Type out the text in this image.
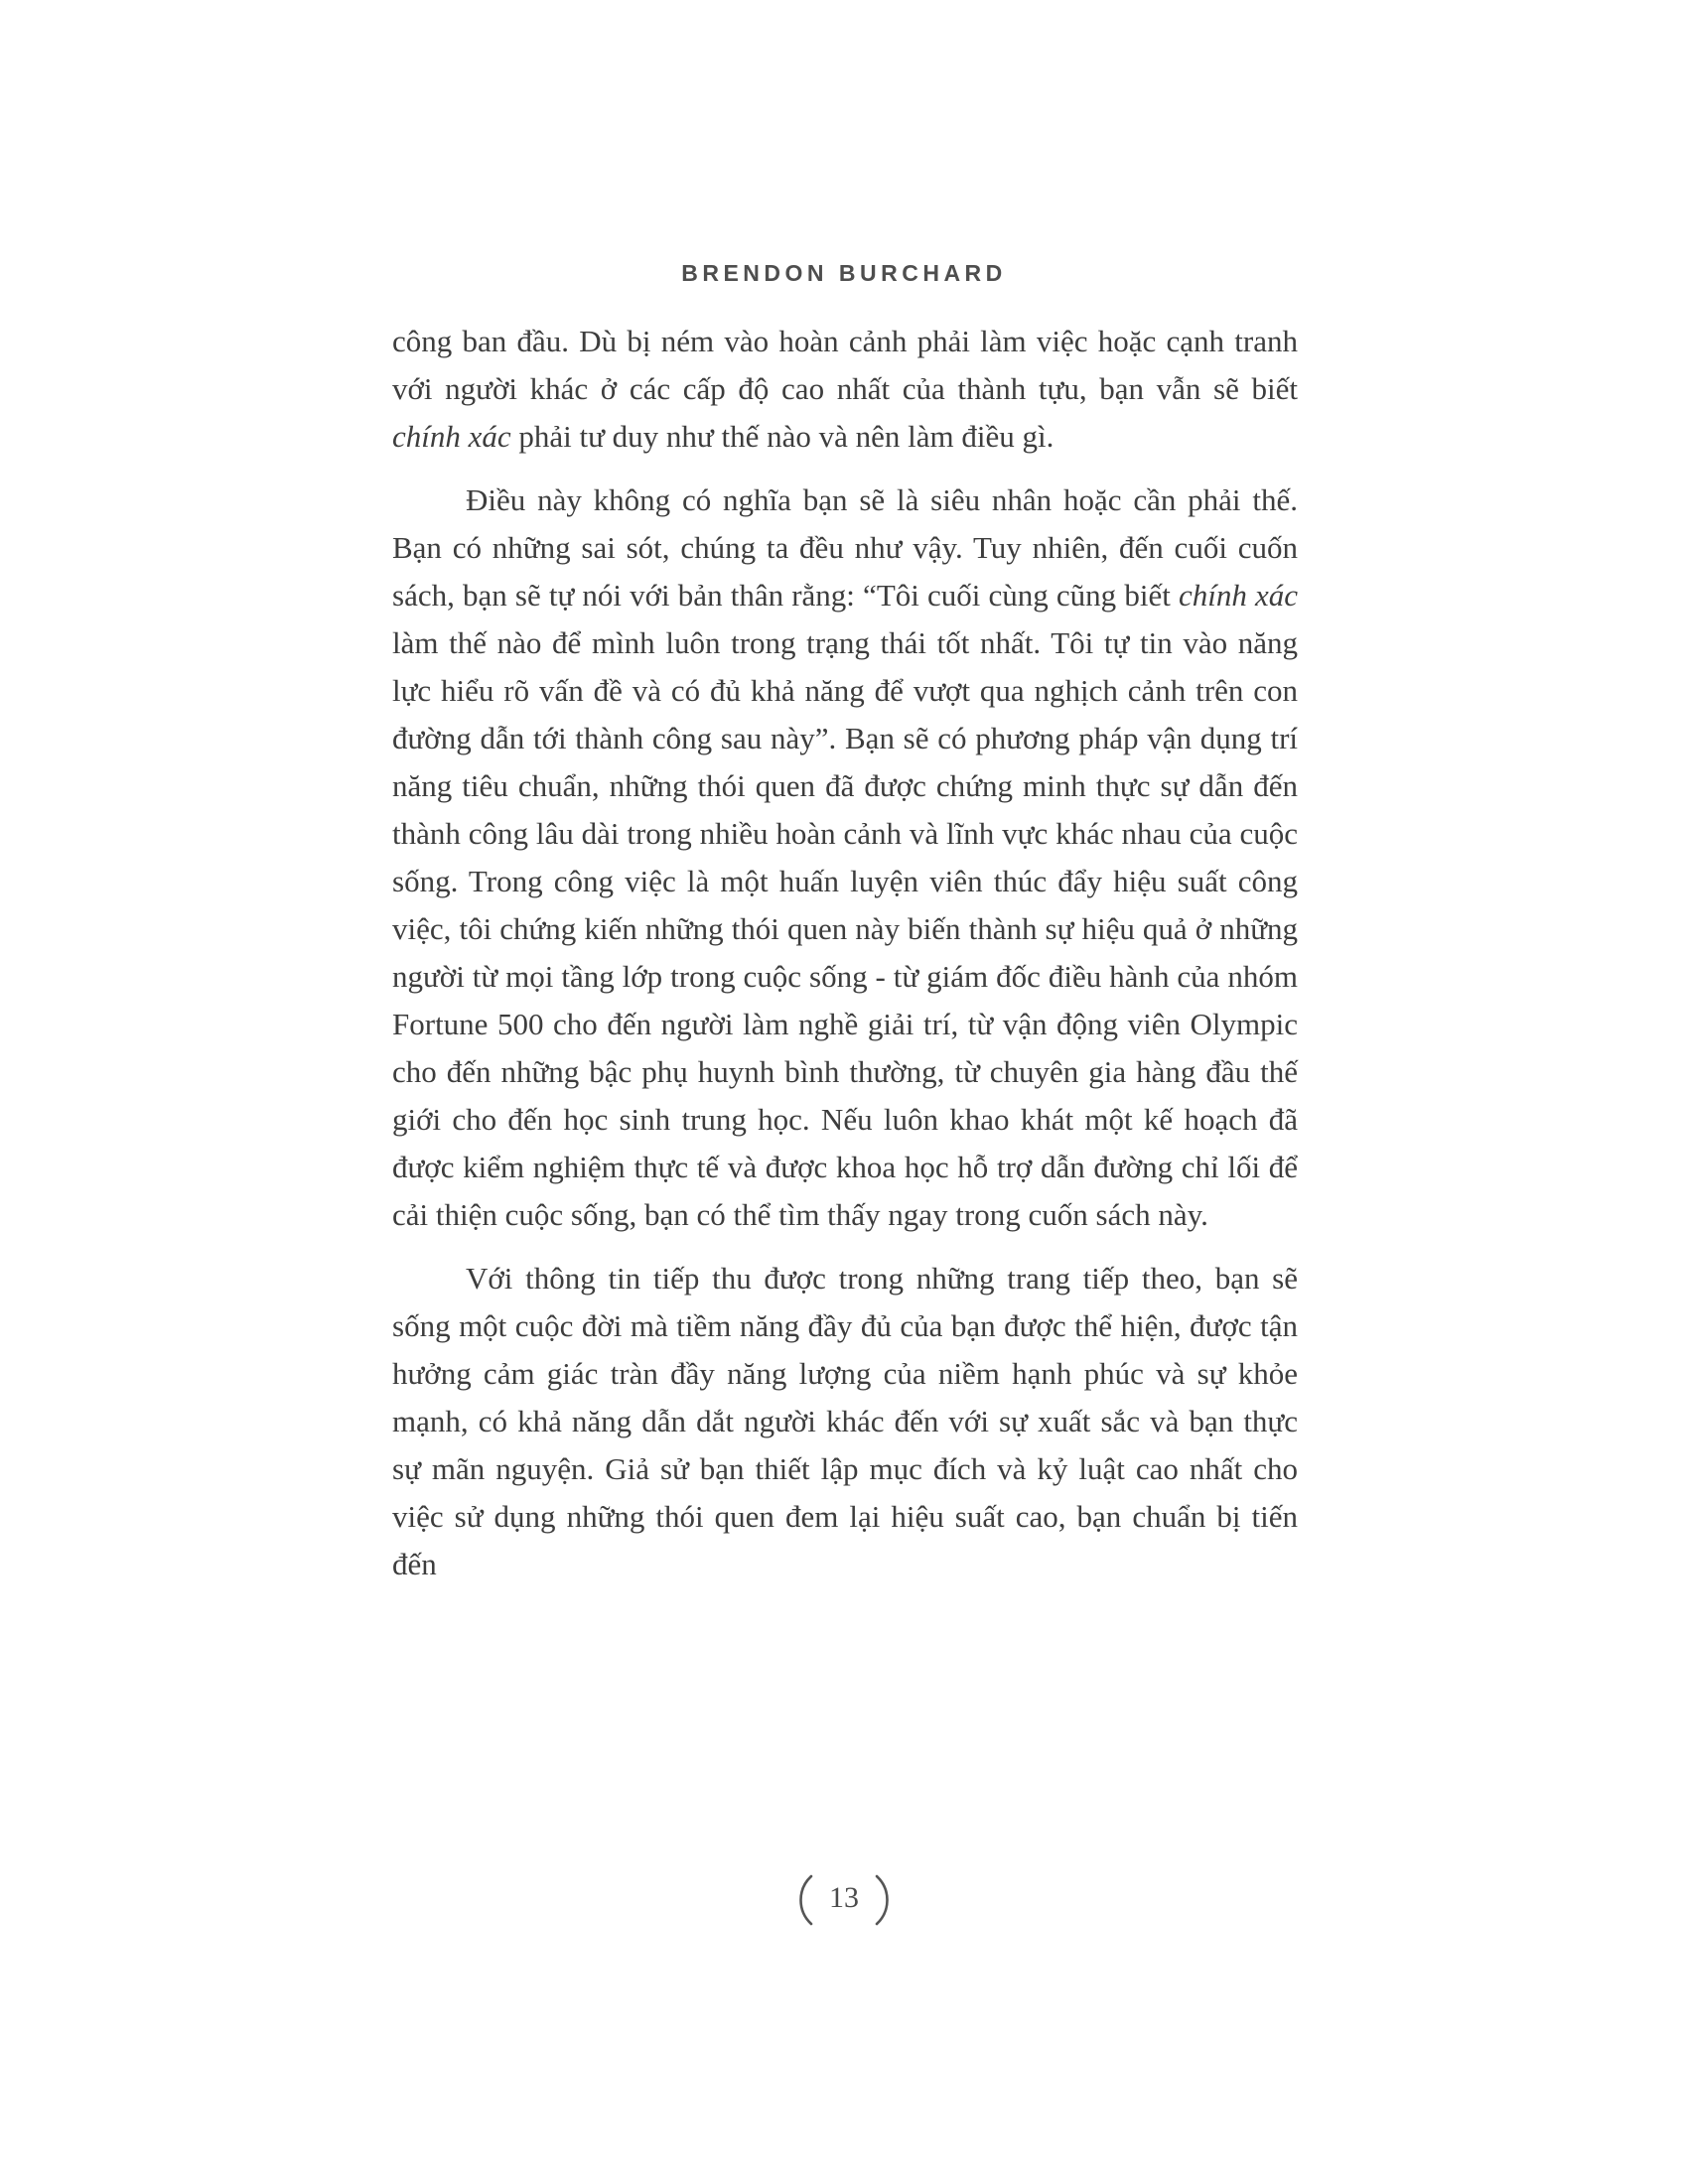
BRENDON BURCHARD

công ban đầu. Dù bị ném vào hoàn cảnh phải làm việc hoặc cạnh tranh với người khác ở các cấp độ cao nhất của thành tựu, bạn vẫn sẽ biết chính xác phải tư duy như thế nào và nên làm điều gì.

Điều này không có nghĩa bạn sẽ là siêu nhân hoặc cần phải thế. Bạn có những sai sót, chúng ta đều như vậy. Tuy nhiên, đến cuối cuốn sách, bạn sẽ tự nói với bản thân rằng: “Tôi cuối cùng cũng biết chính xác làm thế nào để mình luôn trong trạng thái tốt nhất. Tôi tự tin vào năng lực hiểu rõ vấn đề và có đủ khả năng để vượt qua nghịch cảnh trên con đường dẫn tới thành công sau này”. Bạn sẽ có phương pháp vận dụng trí năng tiêu chuẩn, những thói quen đã được chứng minh thực sự dẫn đến thành công lâu dài trong nhiều hoàn cảnh và lĩnh vực khác nhau của cuộc sống. Trong công việc là một huấn luyện viên thúc đẩy hiệu suất công việc, tôi chứng kiến những thói quen này biến thành sự hiệu quả ở những người từ mọi tầng lớp trong cuộc sống - từ giám đốc điều hành của nhóm Fortune 500 cho đến người làm nghề giải trí, từ vận động viên Olympic cho đến những bậc phụ huynh bình thường, từ chuyên gia hàng đầu thế giới cho đến học sinh trung học. Nếu luôn khao khát một kế hoạch đã được kiểm nghiệm thực tế và được khoa học hỗ trợ dẫn đường chỉ lối để cải thiện cuộc sống, bạn có thể tìm thấy ngay trong cuốn sách này.

Với thông tin tiếp thu được trong những trang tiếp theo, bạn sẽ sống một cuộc đời mà tiềm năng đầy đủ của bạn được thể hiện, được tận hưởng cảm giác tràn đầy năng lượng của niềm hạnh phúc và sự khỏe mạnh, có khả năng dẫn dắt người khác đến với sự xuất sắc và bạn thực sự mãn nguyện. Giả sử bạn thiết lập mục đích và kỷ luật cao nhất cho việc sử dụng những thói quen đem lại hiệu suất cao, bạn chuẩn bị tiến đến

13
